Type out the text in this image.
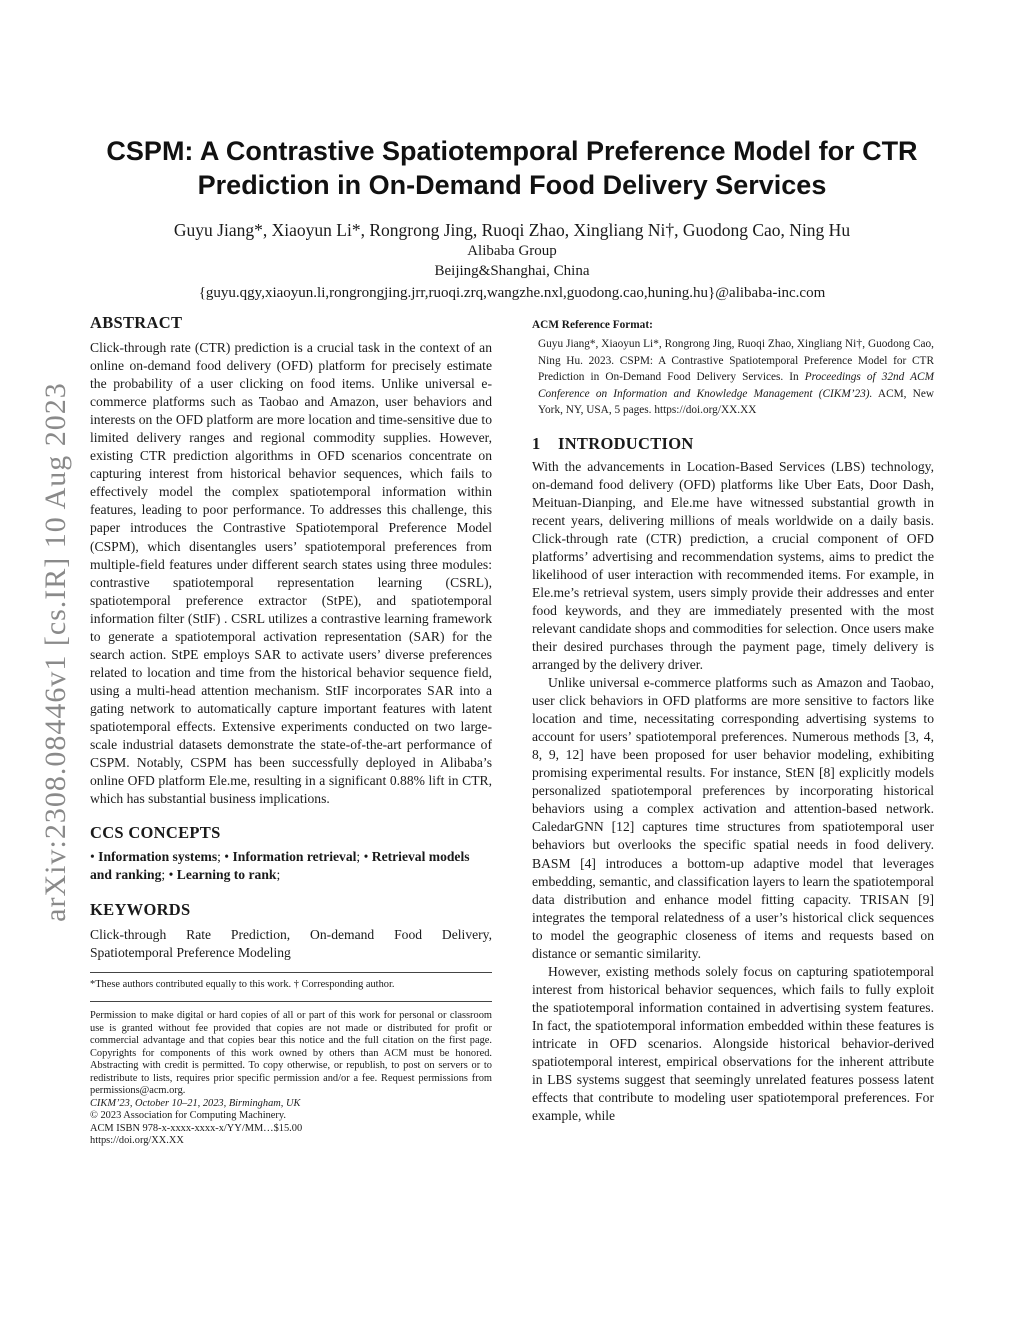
arXiv:2308.08446v1 [cs.IR] 10 Aug 2023
CSPM: A Contrastive Spatiotemporal Preference Model for CTR
Prediction in On-Demand Food Delivery Services
Guyu Jiang*, Xiaoyun Li*, Rongrong Jing, Ruoqi Zhao, Xingliang Ni†, Guodong Cao, Ning Hu
Alibaba Group
Beijing&Shanghai, China
{guyu.qgy,xiaoyun.li,rongrongjing.jrr,ruoqi.zrq,wangzhe.nxl,guodong.cao,huning.hu}@alibaba-inc.com
ABSTRACT

Click-through rate (CTR) prediction is a crucial task in the context of an online on-demand food delivery (OFD) platform for precisely estimate the probability of a user clicking on food items. Unlike universal e-commerce platforms such as Taobao and Amazon, user behaviors and interests on the OFD platform are more location and time-sensitive due to limited delivery ranges and regional commodity supplies. However, existing CTR prediction algorithms in OFD scenarios concentrate on capturing interest from historical behavior sequences, which fails to effectively model the complex spatiotemporal information within features, leading to poor performance. To addresses this challenge, this paper introduces the Contrastive Spatiotemporal Preference Model (CSPM), which disentangles users’ spatiotemporal preferences from multiple-field features under different search states using three modules: contrastive spatiotemporal representation learning (CSRL), spatiotemporal preference extractor (StPE), and spatiotemporal information filter (StIF) . CSRL utilizes a contrastive learning framework to generate a spatiotemporal activation representation (SAR) for the search action. StPE employs SAR to activate users’ diverse preferences related to location and time from the historical behavior sequence field, using a multi-head attention mechanism. StIF incorporates SAR into a gating network to automatically capture important features with latent spatiotemporal effects. Extensive experiments conducted on two large-scale industrial datasets demonstrate the state-of-the-art performance of CSPM. Notably, CSPM has been successfully deployed in Alibaba’s online OFD platform Ele.me, resulting in a significant 0.88% lift in CTR, which has substantial business implications.

CCS CONCEPTS

• Information systems; • Information retrieval; • Retrieval models and ranking; • Learning to rank;

KEYWORDS

Click-through Rate Prediction, On-demand Food Delivery, Spatiotemporal Preference Modeling

*These authors contributed equally to this work. † Corresponding author.

Permission to make digital or hard copies of all or part of this work for personal or classroom use is granted without fee provided that copies are not made or distributed for profit or commercial advantage and that copies bear this notice and the full citation on the first page. Copyrights for components of this work owned by others than ACM must be honored. Abstracting with credit is permitted. To copy otherwise, or republish, to post on servers or to redistribute to lists, requires prior specific permission and/or a fee. Request permissions from permissions@acm.org.

CIKM’23, October 10–21, 2023, Birmingham, UK

© 2023 Association for Computing Machinery.

ACM ISBN 978-x-xxxx-xxxx-x/YY/MM…$15.00

https://doi.org/XX.XX

ACM Reference Format:

Guyu Jiang*, Xiaoyun Li*, Rongrong Jing, Ruoqi Zhao, Xingliang Ni†, Guodong Cao, Ning Hu. 2023. CSPM: A Contrastive Spatiotemporal Preference Model for CTR Prediction in On-Demand Food Delivery Services. In Proceedings of 32nd ACM Conference on Information and Knowledge Management (CIKM’23). ACM, New York, NY, USA, 5 pages. https://doi.org/XX.XX

1 INTRODUCTION

With the advancements in Location-Based Services (LBS) technology, on-demand food delivery (OFD) platforms like Uber Eats, Door Dash, Meituan-Dianping, and Ele.me have witnessed substantial growth in recent years, delivering millions of meals worldwide on a daily basis. Click-through rate (CTR) prediction, a crucial component of OFD platforms’ advertising and recommendation systems, aims to predict the likelihood of user interaction with recommended items. For example, in Ele.me’s retrieval system, users simply provide their addresses and enter food keywords, and they are immediately presented with the most relevant candidate shops and commodities for selection. Once users make their desired purchases through the payment page, timely delivery is arranged by the delivery driver.

Unlike universal e-commerce platforms such as Amazon and Taobao, user click behaviors in OFD platforms are more sensitive to factors like location and time, necessitating corresponding advertising systems to account for users’ spatiotemporal preferences. Numerous methods [3, 4, 8, 9, 12] have been proposed for user behavior modeling, exhibiting promising experimental results. For instance, StEN [8] explicitly models personalized spatiotemporal preferences by incorporating historical behaviors using a complex activation and attention-based network. CaledarGNN [12] captures time structures from spatiotemporal user behaviors but overlooks the specific spatial needs in food delivery. BASM [4] introduces a bottom-up adaptive model that leverages embedding, semantic, and classification layers to learn the spatiotemporal data distribution and enhance model fitting capacity. TRISAN [9] integrates the temporal relatedness of a user’s historical click sequences to model the geographic closeness of items and requests based on distance or semantic similarity.

However, existing methods solely focus on capturing spatiotemporal interest from historical behavior sequences, which fails to fully exploit the spatiotemporal information contained in advertising system features. In fact, the spatiotemporal information embedded within these features is intricate in OFD scenarios. Alongside historical behavior-derived spatiotemporal interest, empirical observations for the inherent attribute in LBS systems suggest that seemingly unrelated features possess latent effects that contribute to modeling user spatiotemporal preferences. For example, while
